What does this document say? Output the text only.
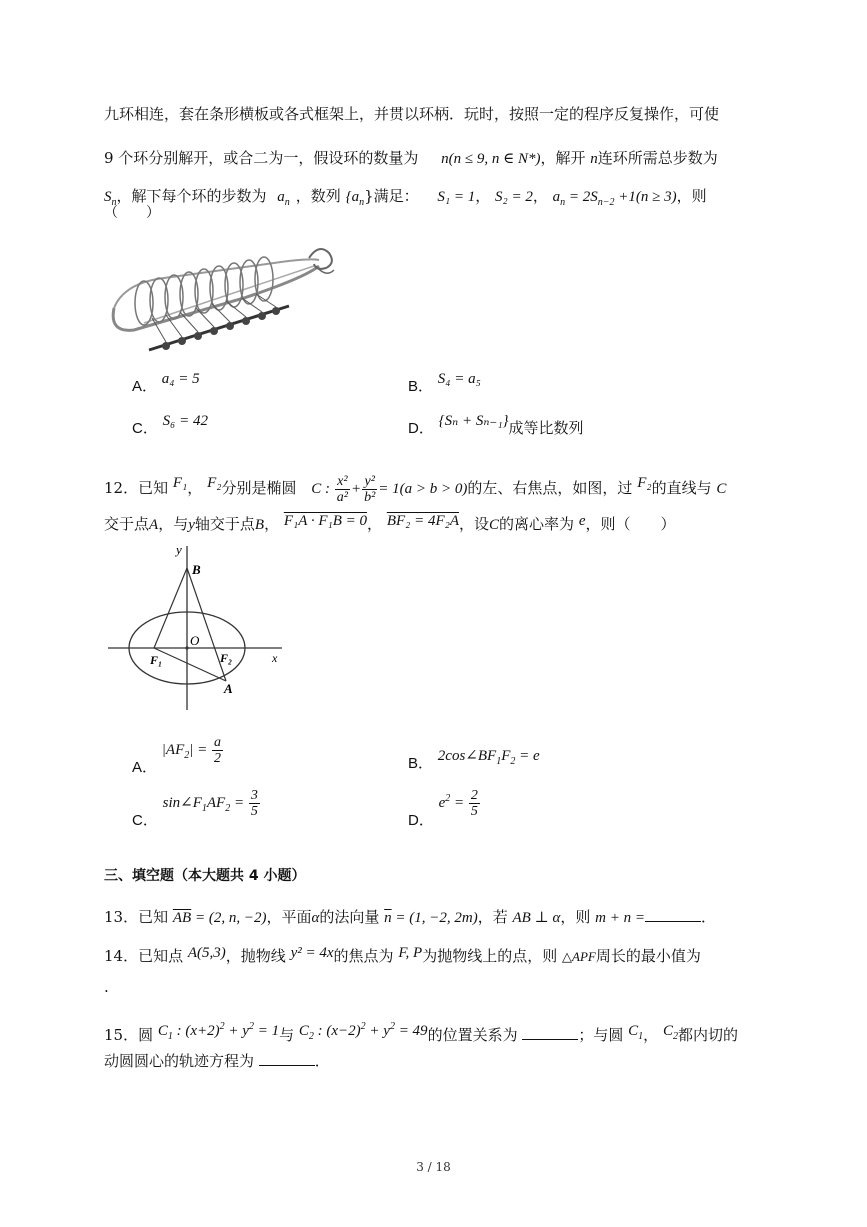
九环相连，套在条形横板或各式框架上，并贯以环柄．玩时，按照一定的程序反复操作，可使
9 个环分别解开，或合二为一，假设环的数量为 n(n ≤ 9, n ∈ N*)，解开 n连环所需总步数为
$S_n$，解下每个环的步数为 $a_n$ ，数列 $\{a_n\}$满足： S₁ = 1， S₂ = 2， $a_n = 2S_{n-2} +1(n \ge 3)$，则
（　　）
A． a₄ = 5	B． S₄ = a₅
C． S₆ = 42	D． {Sₙ + Sₙ₋₁}成等比数列
12．已知 F₁， F₂分别是椭圆 C : $\frac{\text{x²}}{\text{a²}} + \frac{\text{y²}}{\text{b²}} = 1(a > b > 0)$的左、右焦点，如图，过 F₂的直线与 C
交于点A，与y轴交于点B， F₁A · F₁B = 0， BF₂ = 4F₂A，设C的离心率为 e，则（　　）
y
B
O
F₁	F₂	x
A
A． $|AF_2| = \frac{a}{2}$	B． $2\cos\angle BF_1F_2 = e$
C． $\sin\angle F_1AF_2 = \frac{3}{5}$
D． $e^2 = \frac{2}{5}$
三、填空题（本大题共 4 小题）
13．已知 $\overline{AB} = (2$, n, −2)，平面α的法向量 $\overline{n} = (1$, −2, 2m)，若 AB ⊥ α，则 m + n =	．
14．已知点 A(5,3)，抛物线 y² = 4x的焦点为 F, P为抛物线上的点，则 △APF周长的最小值为
.
15．圆 $C_1$ : $(x+2)^2 + y^2 = 1$与 $C_2$ : $(x-2)^2 + y^2 = 49$的位置关系为	；与圆 $C_1$， $C_2$都内切的
动圆圆心的轨迹方程为	．
3 / 18
